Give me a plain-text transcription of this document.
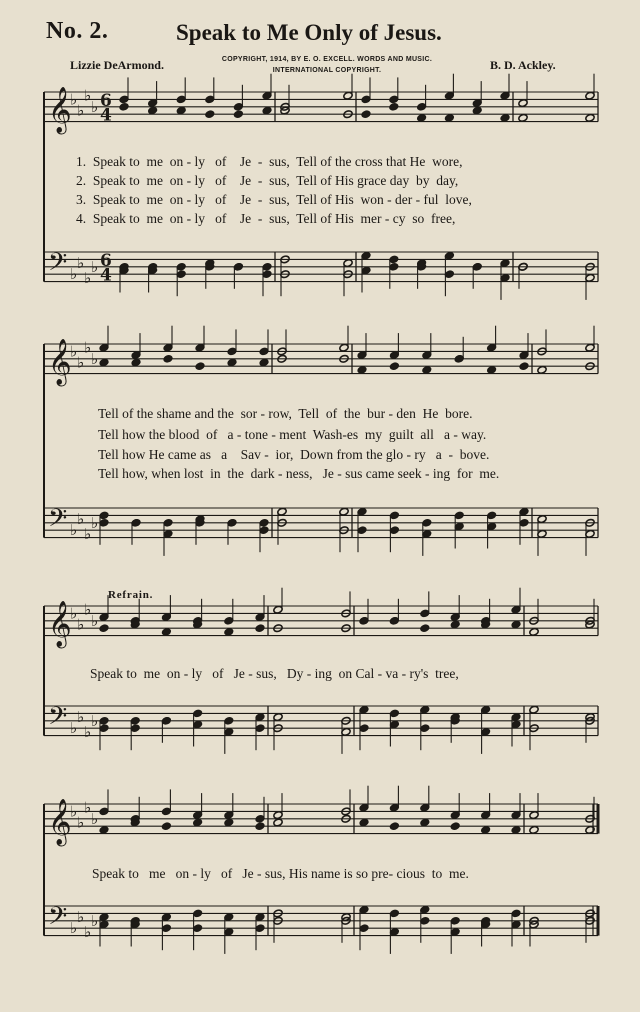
No. 2.	Speak to Me Only of Jesus.
Lizzie DeArmond.	COPYRIGHT, 1914, BY E. O. EXCELL. WORDS AND MUSIC.
INTERNATIONAL COPYRIGHT.	B. D. Ackley.
𝄞
♭
♭
♭
♭
𝄢 ♭
♭
♭
♭
6
4
6
4
𝄞
♭
♭
♭
♭
𝄢 ♭
♭
♭
♭
𝄞
♭
♭
♭
♭
𝄢 ♭
♭
♭
♭
𝄞
♭
♭
♭
♭
𝄢 ♭
♭
♭
♭
1.  Speak to  me  on - ly   of    Je  -  sus,  Tell of the cross that He  wore,
2.  Speak to  me  on - ly   of    Je  -  sus,  Tell of His grace day  by  day,
3.  Speak to  me  on - ly   of    Je  -  sus,  Tell of His  won - der - ful  love,
4.  Speak to  me  on - ly   of    Je  -  sus,  Tell of His  mer - cy  so  free,
Tell of the shame and the  sor - row,  Tell  of  the  bur - den  He  bore.
Tell how the blood  of   a - tone - ment  Wash-es  my  guilt  all   a - way.
Tell how He came as   a    Sav -  ior,  Down from the glo - ry   a  -  bove.
Tell how, when lost  in  the  dark - ness,   Je - sus came seek - ing  for  me.
Refrain.
Speak to  me  on - ly   of   Je - sus,   Dy - ing  on Cal - va - ry's  tree,
Speak to   me   on - ly   of   Je - sus, His name is so pre- cious  to  me.
